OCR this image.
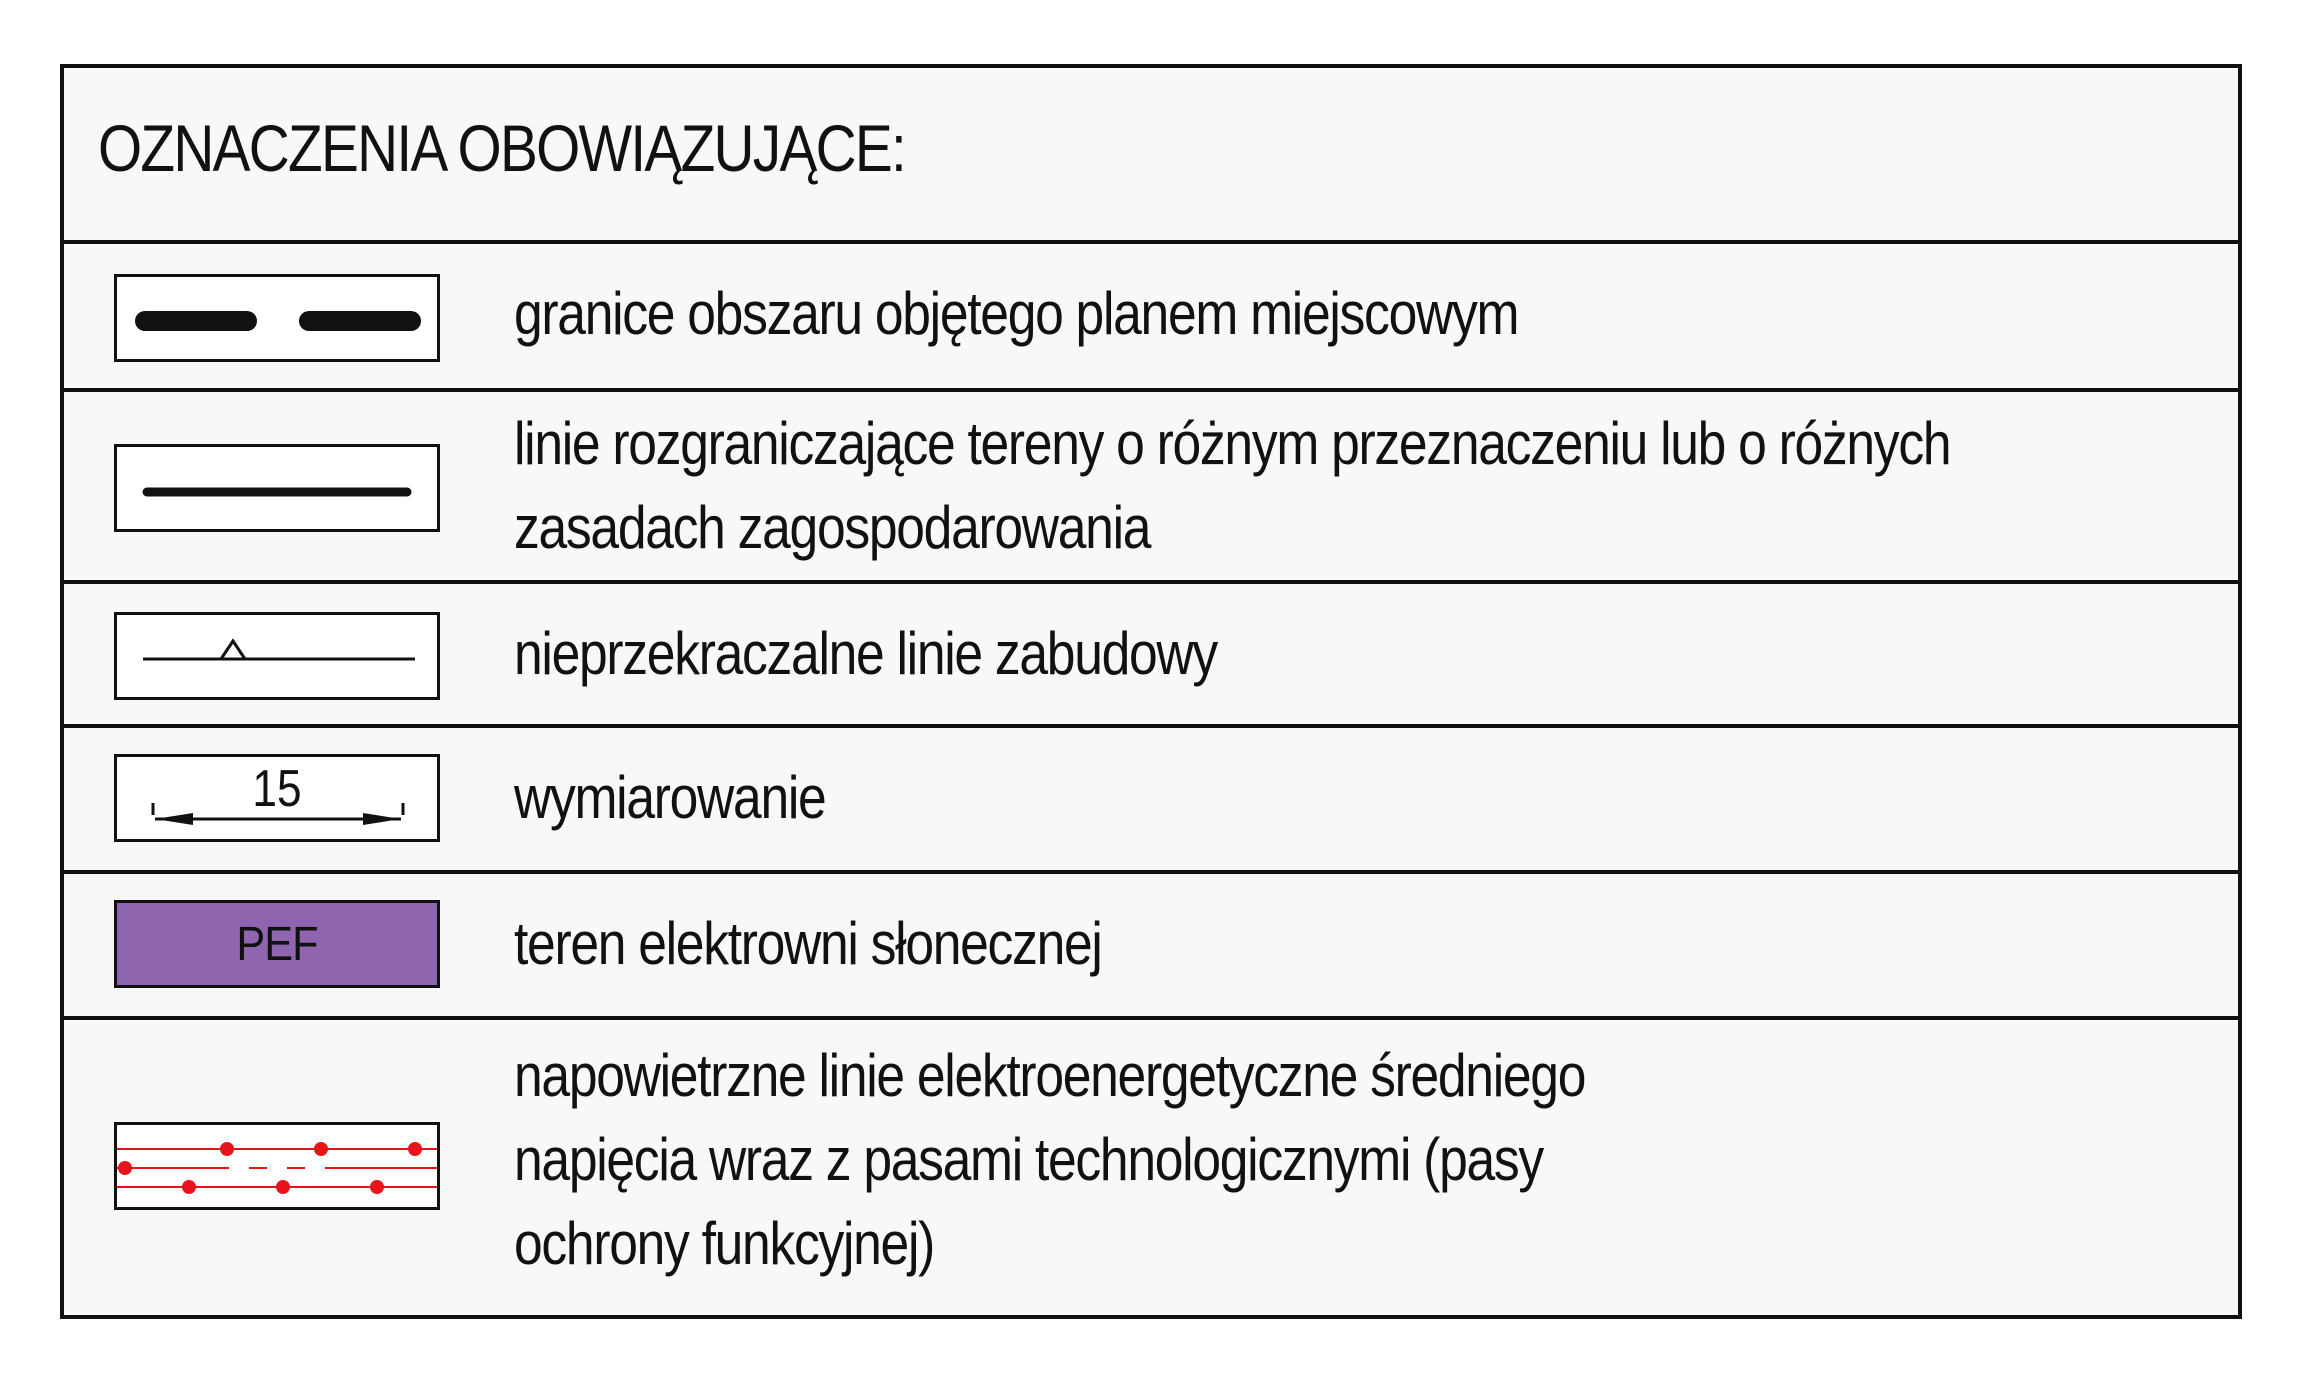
OZNACZENIA OBOWIĄZUJĄCE:
granice obszaru objętego planem miejscowym
linie rozgraniczające tereny o różnym przeznaczeniu lub o różnych
zasadach zagospodarowania
nieprzekraczalne linie zabudowy
15	wymiarowanie
PEF	teren elektrowni słonecznej
napowietrzne linie elektroenergetyczne średniego
napięcia wraz z pasami technologicznymi (pasy
ochrony funkcyjnej)
